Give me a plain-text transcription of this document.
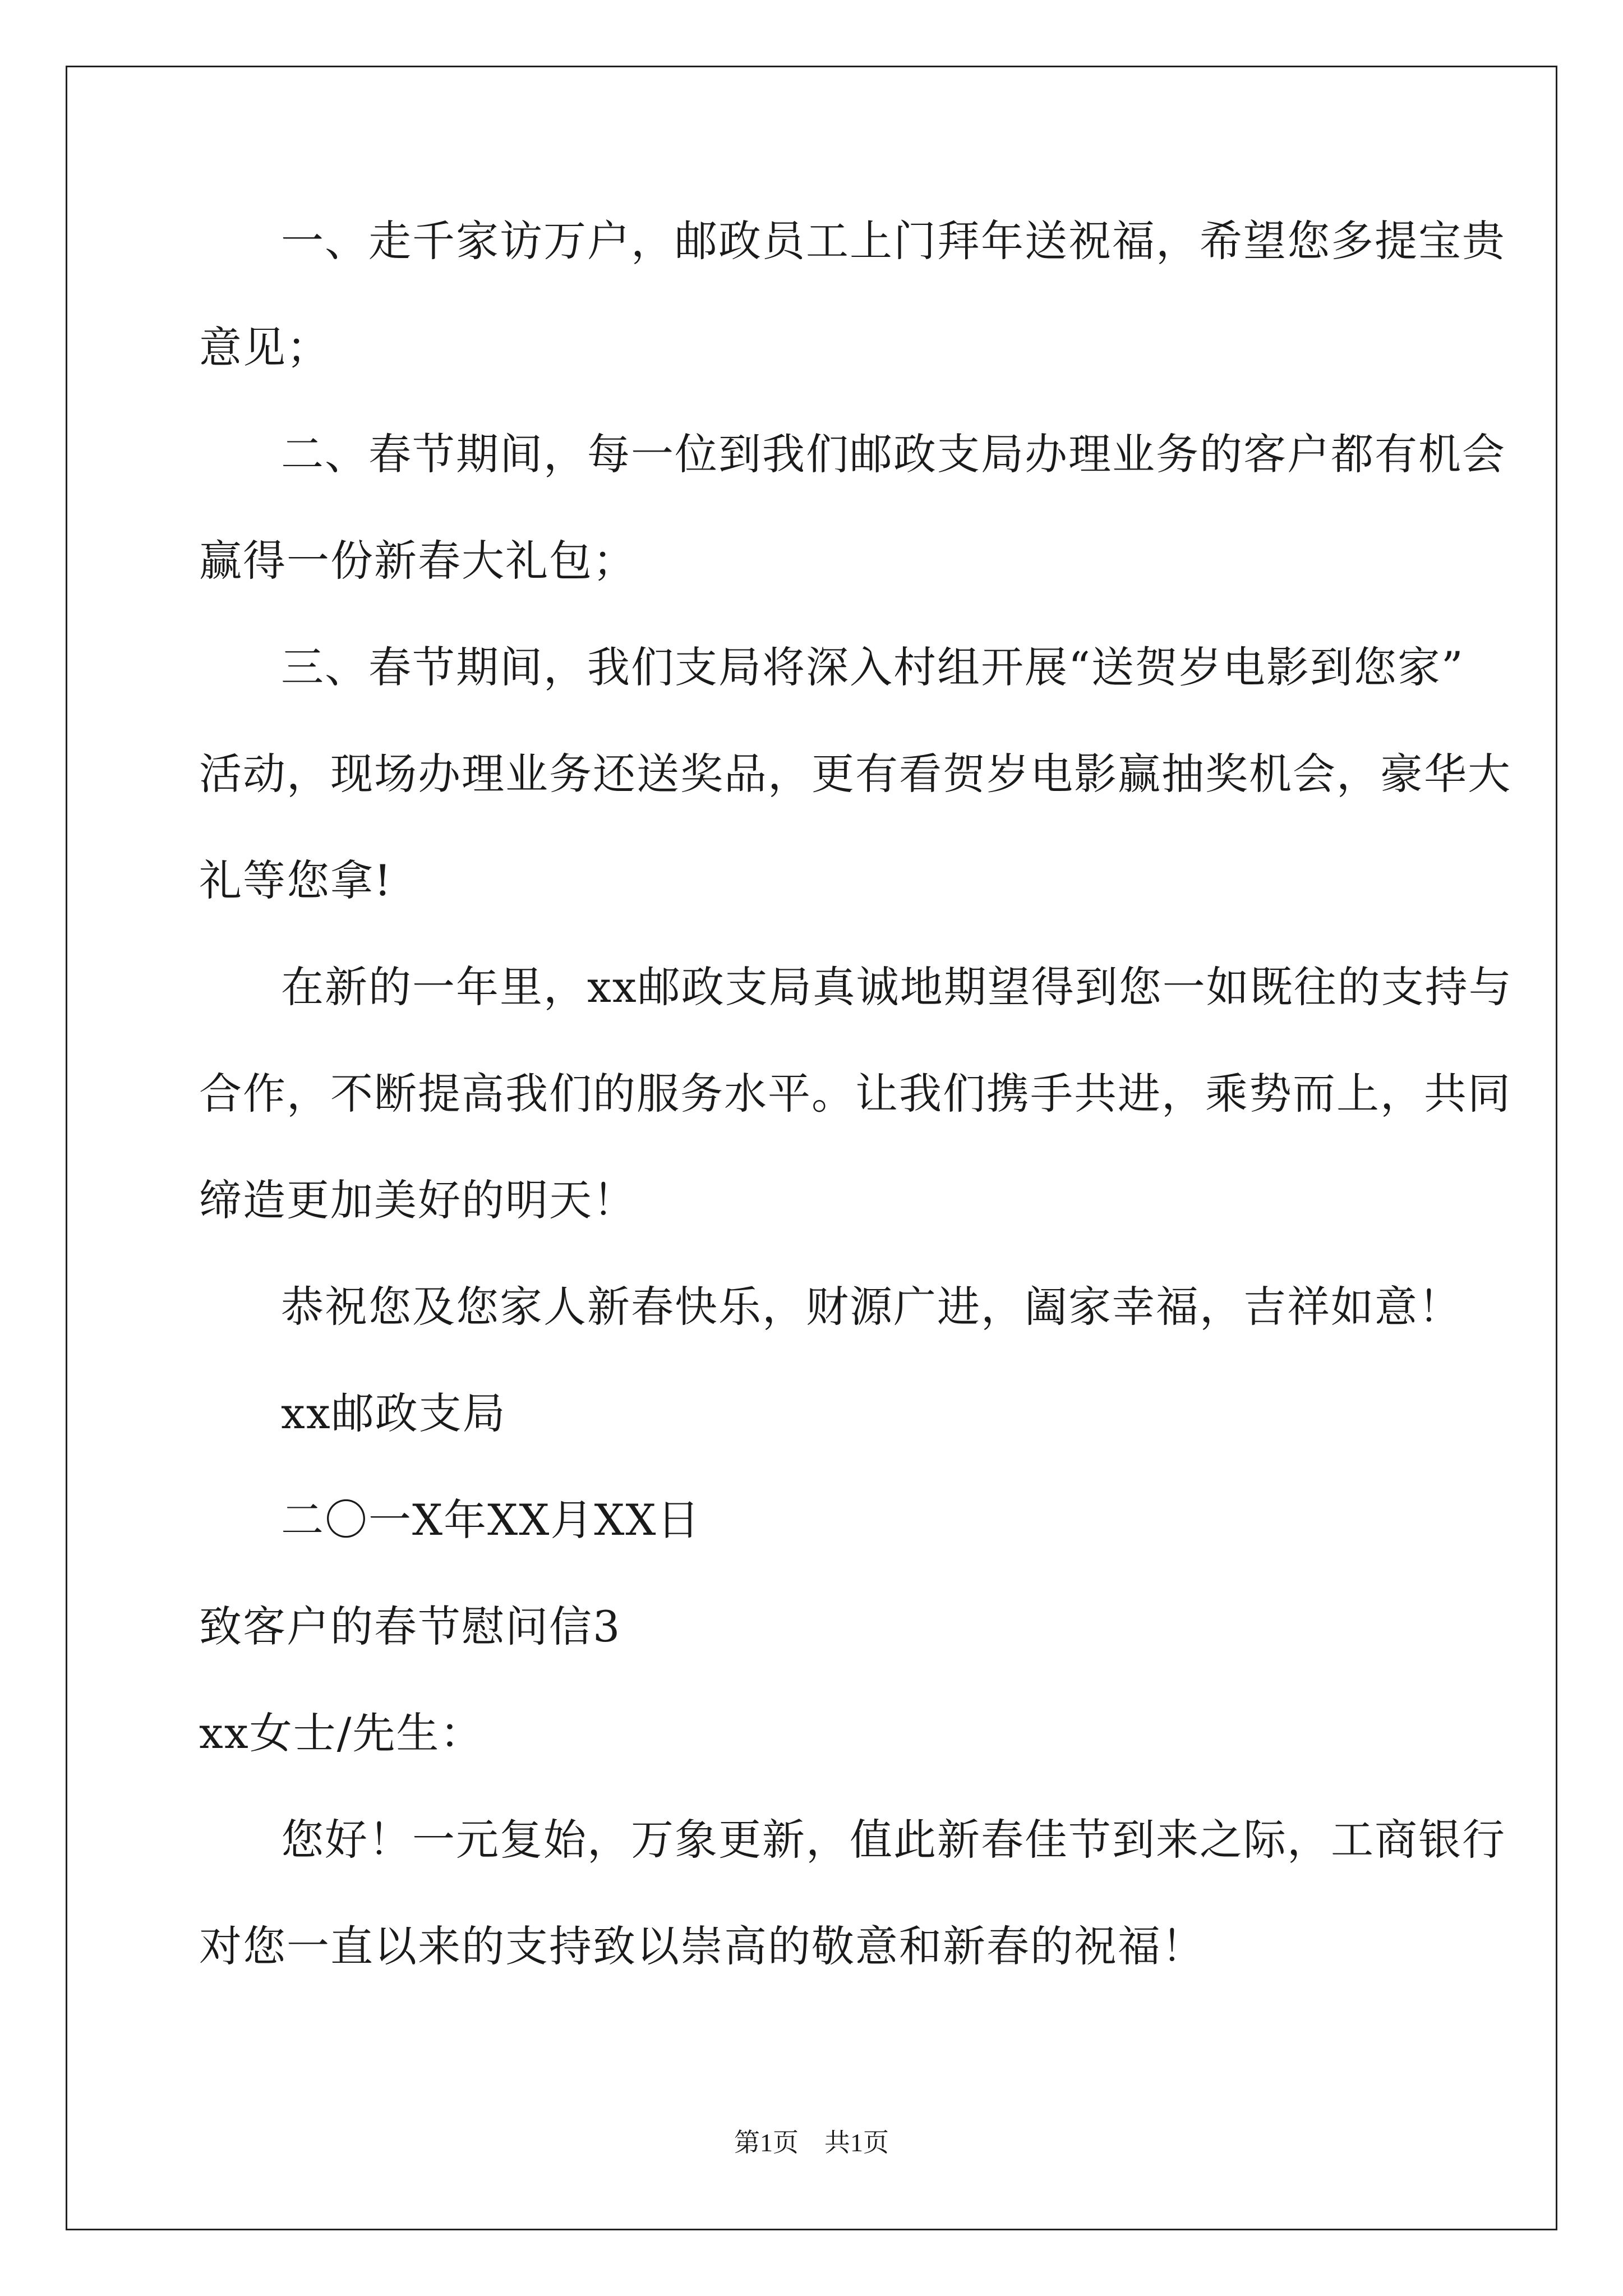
一、走千家访万户，邮政员工上门拜年送祝福，希望您多提宝贵
意见；
二、春节期间，每一位到我们邮政支局办理业务的客户都有机会
赢得一份新春大礼包；
三、春节期间，我们支局将深入村组开展“送贺岁电影到您家”
活动，现场办理业务还送奖品，更有看贺岁电影赢抽奖机会，豪华大
礼等您拿!
在新的一年里，xx邮政支局真诚地期望得到您一如既往的支持与
合作，不断提高我们的服务水平。让我们携手共进，乘势而上，共同
缔造更加美好的明天！
恭祝您及您家人新春快乐，财源广进，阖家幸福，吉祥如意！
xx邮政支局
二〇一X年XX月XX日
致客户的春节慰问信3
xx女士/先生：
您好！一元复始，万象更新，值此新春佳节到来之际，工商银行
对您一直以来的支持致以崇高的敬意和新春的祝福！
第1页　共1页
